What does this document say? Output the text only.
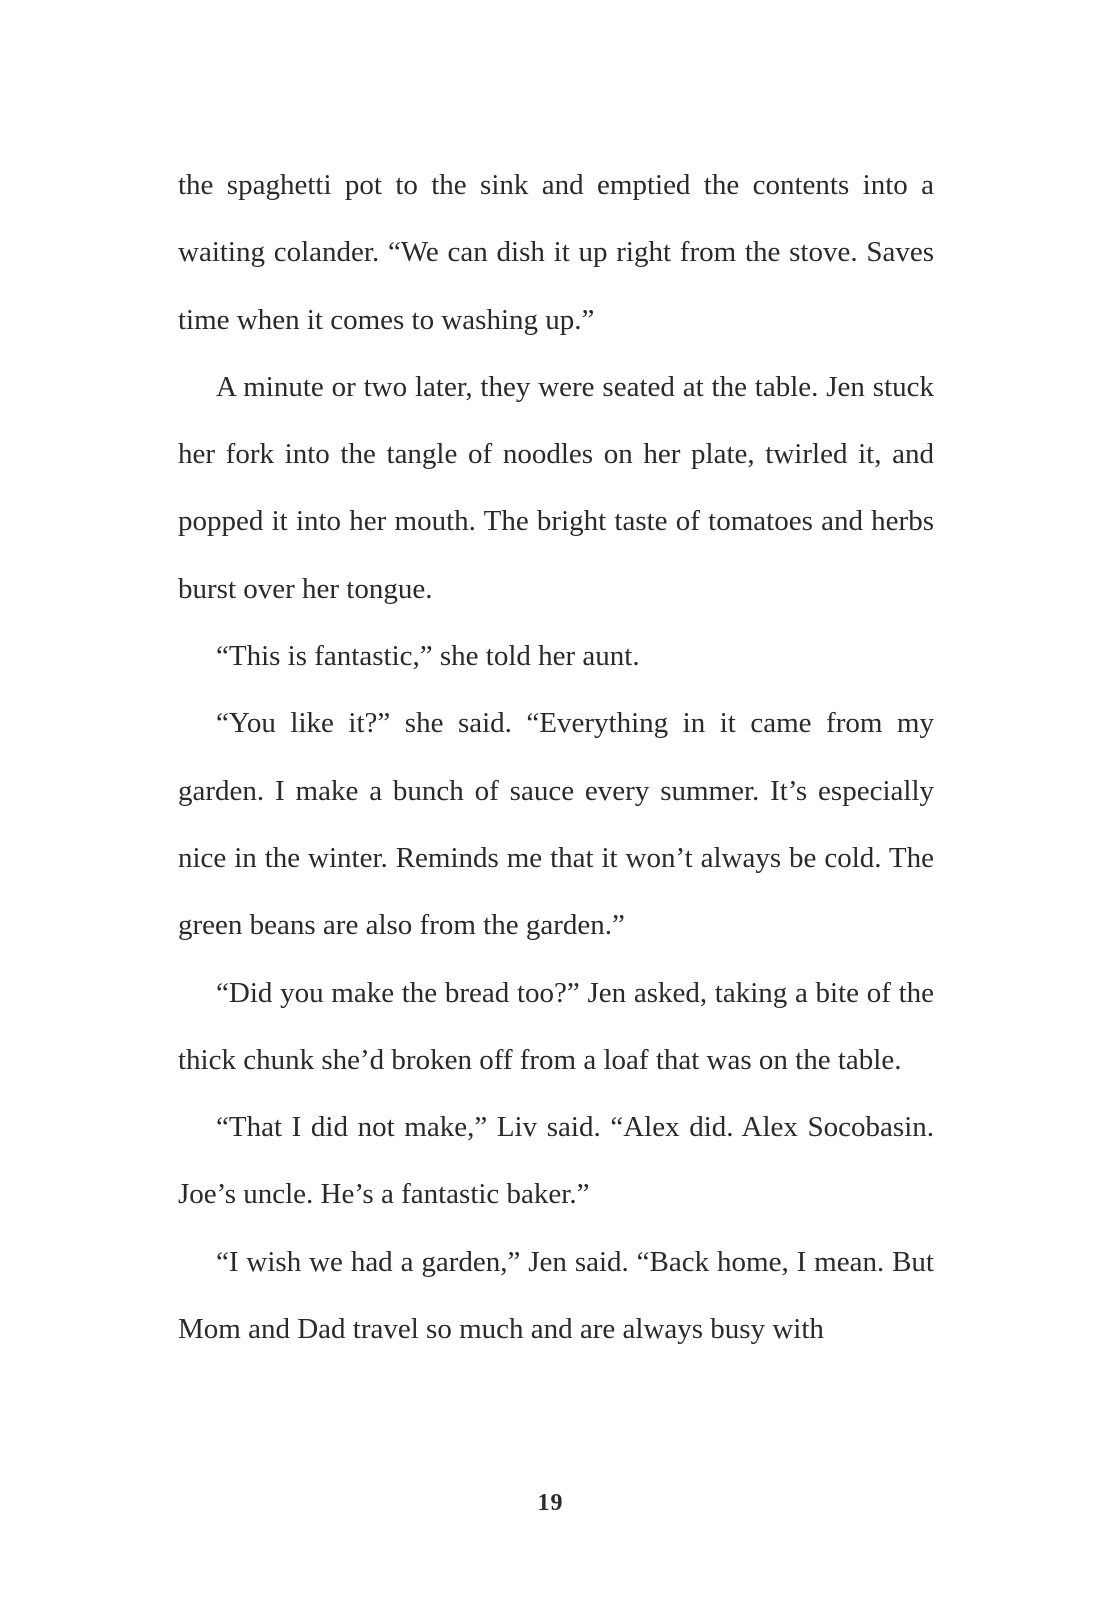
the spaghetti pot to the sink and emptied the contents into a waiting colander. “We can dish it up right from the stove. Saves time when it comes to washing up.”

A minute or two later, they were seated at the table. Jen stuck her fork into the tangle of noodles on her plate, twirled it, and popped it into her mouth. The bright taste of tomatoes and herbs burst over her tongue.

“This is fantastic,” she told her aunt.

“You like it?” she said. “Everything in it came from my garden. I make a bunch of sauce every summer. It’s especially nice in the winter. Reminds me that it won’t always be cold. The green beans are also from the garden.”

“Did you make the bread too?” Jen asked, taking a bite of the thick chunk she’d broken off from a loaf that was on the table.

“That I did not make,” Liv said. “Alex did. Alex Socobasin. Joe’s uncle. He’s a fantastic baker.”

“I wish we had a garden,” Jen said. “Back home, I mean. But Mom and Dad travel so much and are always busy with

19
